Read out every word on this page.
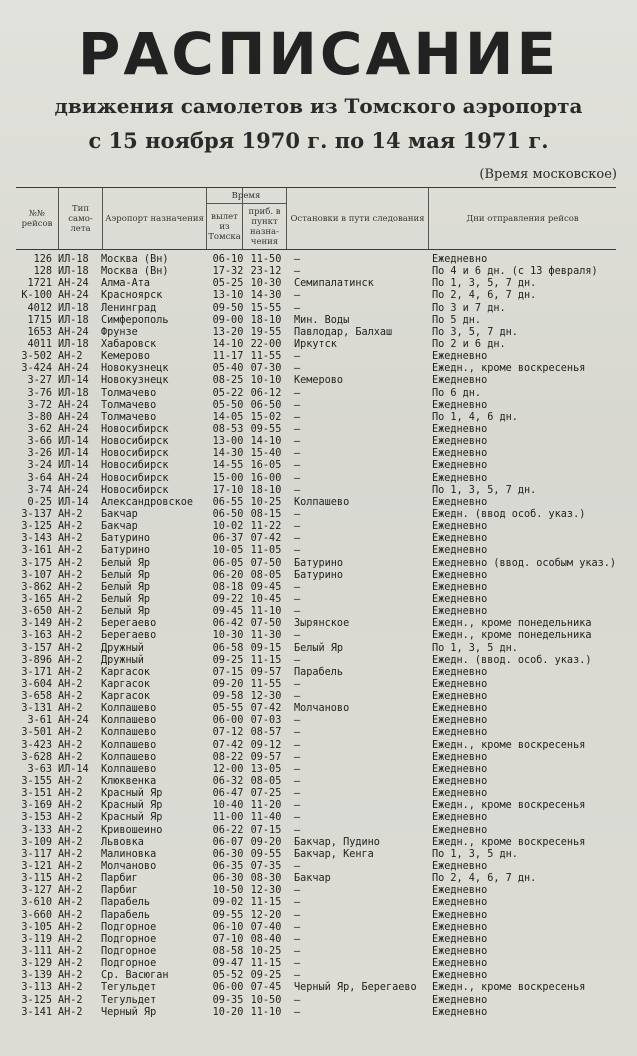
РАСПИСАНИЕ
движения самолетов из Томского аэропорта
с 15 ноября 1970 г. по 14 мая 1971 г.
(Время московское)
№№ рейсов
Тип само-лета
Аэропорт назначения
Время
вылет из Томска
приб. в пункт назна-чения
Остановки в пути следования	Дни отправления рейсов
126 ИЛ-18 Москва (Вн)	06-10 11-50 —	Ежедневно
128 ИЛ-18 Москва (Вн)	17-32 23-12 —	По 4 и 6 дн. (с 13 февраля)
1721 АН-24 Алма-Ата	05-25 10-30 Семипалатинск	По 1, 3, 5, 7 дн.
К-100 АН-24 Красноярск	13-10 14-30 —	По 2, 4, 6, 7 дн.
4012 ИЛ-18 Ленинград	09-50 15-55 —	По 3 и 7 дн.
1715 ИЛ-18 Симферополь	09-00 18-10 Мин. Воды	По 5 дн.
1653 АН-24 Фрунзе	13-20 19-55 Павлодар, Балхаш	По 3, 5, 7 дн.
4011 ИЛ-18 Хабаровск	14-10 22-00 Иркутск	По 2 и 6 дн.
3-502 АН-2 Кемерово	11-17 11-55 —	Ежедневно
3-424 АН-24 Новокузнецк	05-40 07-30 —	Ежедн., кроме воскресенья
3-27 ИЛ-14 Новокузнецк	08-25 10-10 Кемерово	Ежедневно
3-76 ИЛ-18 Толмачево	05-22 06-12 —	По 6 дн.
3-72 АН-24 Толмачево	05-50 06-50 —	Ежедневно
3-80 АН-24 Толмачево	14-05 15-02 —	По 1, 4, 6 дн.
3-62 АН-24 Новосибирск	08-53 09-55 —	Ежедневно
3-66 ИЛ-14 Новосибирск	13-00 14-10 —	Ежедневно
3-26 ИЛ-14 Новосибирск	14-30 15-40 —	Ежедневно
3-24 ИЛ-14 Новосибирск	14-55 16-05 —	Ежедневно
3-64 АН-24 Новосибирск	15-00 16-00 —	Ежедневно
3-74 АН-24 Новосибирск	17-10 18-10 —	По 1, 3, 5, 7 дн.
0-25 ИЛ-14 Александровское 06-55 10-25 Колпашево	Ежедневно
3-137 АН-2 Бакчар	06-50 08-15 —	Ежедн. (ввод особ. указ.)
3-125 АН-2 Бакчар	10-02 11-22 —	Ежедневно
3-143 АН-2 Батурино	06-37 07-42 —	Ежедневно
3-161 АН-2 Батурино	10-05 11-05 —	Ежедневно
3-175 АН-2 Белый Яр	06-05 07-50 Батурино	Ежедневно (ввод. особым указ.)
3-107 АН-2 Белый Яр	06-20 08-05 Батурино	Ежедневно
3-862 АН-2 Белый Яр	08-18 09-45 —	Ежедневно
3-165 АН-2 Белый Яр	09-22 10-45 —	Ежедневно
3-650 АН-2 Белый Яр	09-45 11-10 —	Ежедневно
3-149 АН-2 Берегаево	06-42 07-50 Зырянское	Ежедн., кроме понедельника
3-163 АН-2 Берегаево	10-30 11-30 —	Ежедн., кроме понедельника
3-157 АН-2 Дружный	06-58 09-15 Белый Яр	По 1, 3, 5 дн.
3-896 АН-2 Дружный	09-25 11-15 —	Ежедн. (ввод. особ. указ.)
3-171 АН-2 Каргасок	07-15 09-57 Парабель	Ежедневно
3-604 АН-2 Каргасок	09-20 11-55 —	Ежедневно
3-658 АН-2 Каргасок	09-58 12-30 —	Ежедневно
3-131 АН-2 Колпашево	05-55 07-42 Молчаново	Ежедневно
3-61 АН-24 Колпашево	06-00 07-03 —	Ежедневно
3-501 АН-2 Колпашево	07-12 08-57 —	Ежедневно
3-423 АН-2 Колпашево	07-42 09-12 —	Ежедн., кроме воскресенья
3-628 АН-2 Колпашево	08-22 09-57 —	Ежедневно
3-63 ИЛ-14 Колпашево	12-00 13-05 —	Ежедневно
3-155 АН-2 Клюквенка	06-32 08-05 —	Ежедневно
3-151 АН-2 Красный Яр	06-47 07-25 —	Ежедневно
3-169 АН-2 Красный Яр	10-40 11-20 —	Ежедн., кроме воскресенья
3-153 АН-2 Красный Яр	11-00 11-40 —	Ежедневно
3-133 АН-2 Кривошеино	06-22 07-15 —	Ежедневно
3-109 АН-2 Львовка	06-07 09-20 Бакчар, Пудино	Ежедн., кроме воскресенья
3-117 АН-2 Малиновка	06-30 09-55 Бакчар, Кенга	По 1, 3, 5 дн.
3-121 АН-2 Молчаново	06-35 07-35 —	Ежедневно
3-115 АН-2 Парбиг	06-30 08-30 Бакчар	По 2, 4, 6, 7 дн.
3-127 АН-2 Парбиг	10-50 12-30 —	Ежедневно
3-610 АН-2 Парабель	09-02 11-15 —	Ежедневно
3-660 АН-2 Парабель	09-55 12-20 —	Ежедневно
3-105 АН-2 Подгорное	06-10 07-40 —	Ежедневно
3-119 АН-2 Подгорное	07-10 08-40 —	Ежедневно
3-111 АН-2 Подгорное	08-58 10-25 —	Ежедневно
3-129 АН-2 Подгорное	09-47 11-15 —	Ежедневно
3-139 АН-2 Ср. Васюган	05-52 09-25 —	Ежедневно
3-113 АН-2 Тегульдет	06-00 07-45 Черный Яр, Берегаево Ежедн., кроме воскресенья
3-125 АН-2 Тегульдет	09-35 10-50 —	Ежедневно
3-141 АН-2 Черный Яр	10-20 11-10 —	Ежедневно
